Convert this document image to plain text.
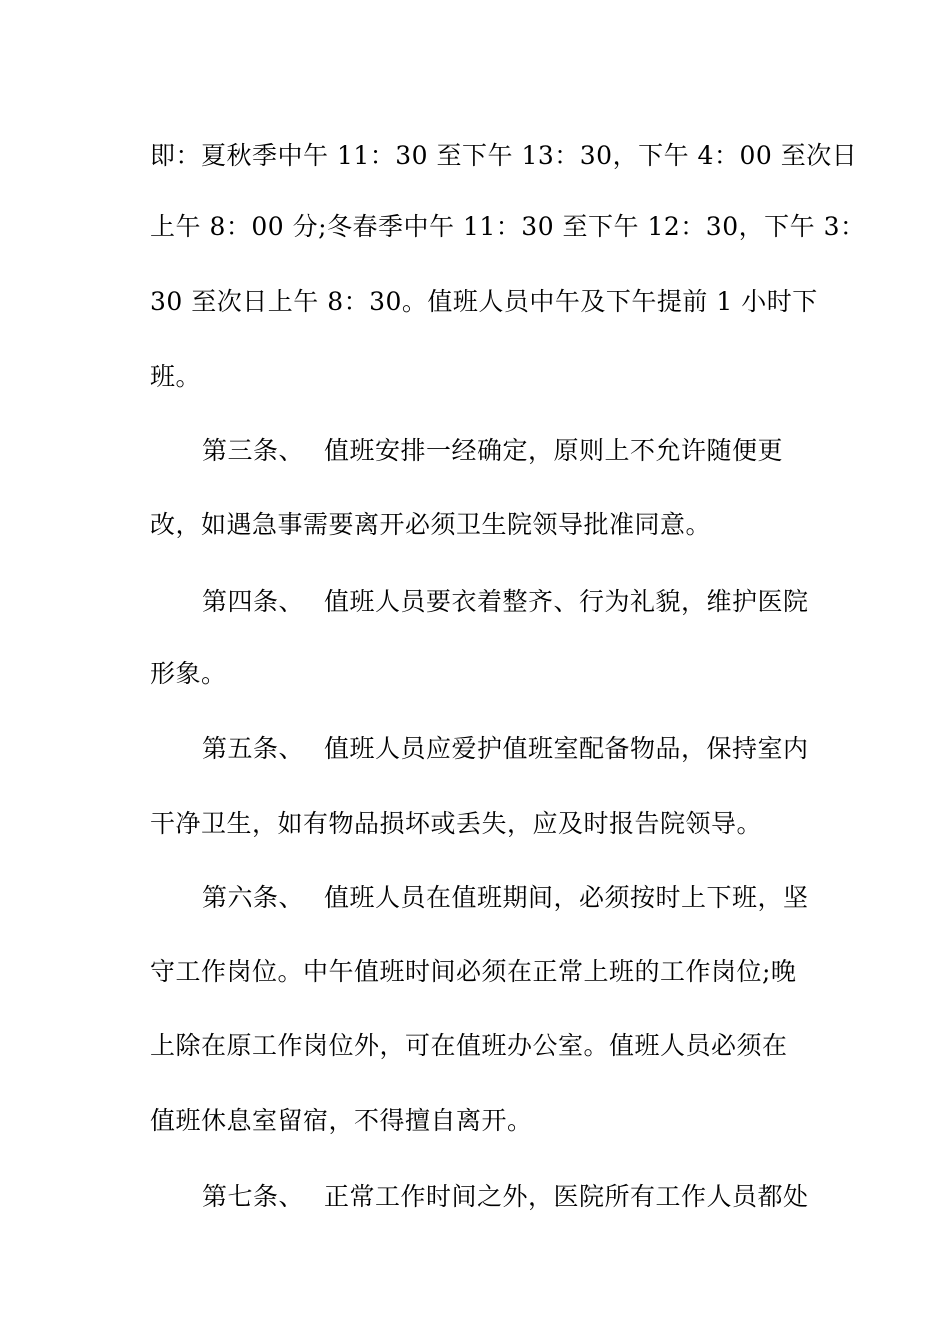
即：夏秋季中午 11：30 至下午 13：30，下午 4：00 至次日
上午 8：00 分;冬春季中午 11：30 至下午 12：30，下午 3：
30 至次日上午 8：30。值班人员中午及下午提前 1 小时下
班。
第三条、 值班安排一经确定，原则上不允许随便更
改，如遇急事需要离开必须卫生院领导批准同意。
第四条、 值班人员要衣着整齐、行为礼貌，维护医院
形象。
第五条、 值班人员应爱护值班室配备物品，保持室内
干净卫生，如有物品损坏或丢失，应及时报告院领导。
第六条、 值班人员在值班期间，必须按时上下班，坚
守工作岗位。中午值班时间必须在正常上班的工作岗位;晚
上除在原工作岗位外，可在值班办公室。值班人员必须在
值班休息室留宿，不得擅自离开。
第七条、 正常工作时间之外，医院所有工作人员都处
